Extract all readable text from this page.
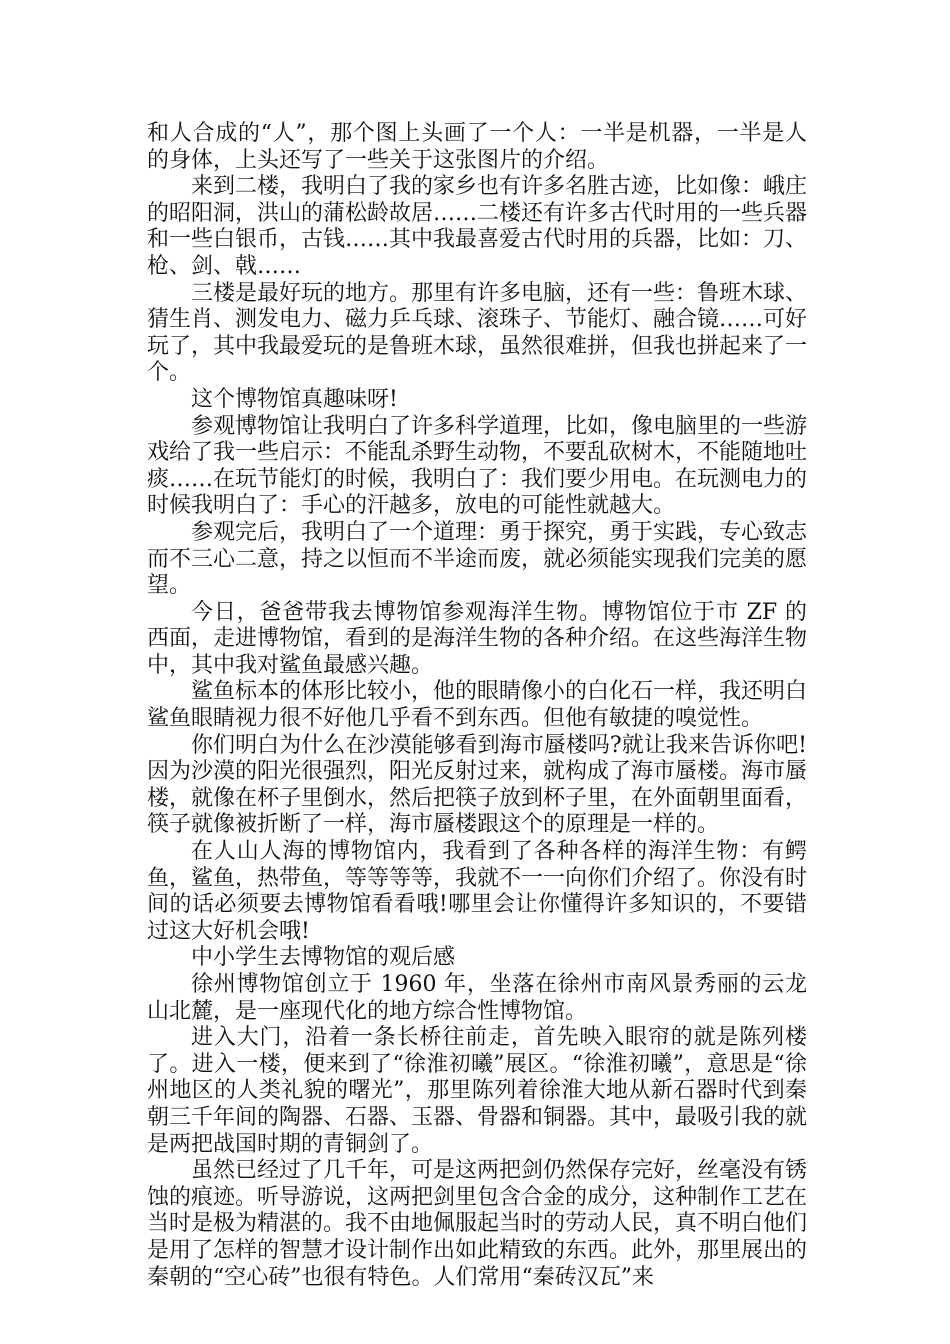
和人合成的“人”，那个图上头画了一个人：一半是机器，一半是人的身体，上头还写了一些关于这张图片的介绍。

来到二楼，我明白了我的家乡也有许多名胜古迹，比如像：峨庄的昭阳洞，洪山的蒲松龄故居……二楼还有许多古代时用的一些兵器和一些白银币，古钱……其中我最喜爱古代时用的兵器，比如：刀、枪、剑、戟……

三楼是最好玩的地方。那里有许多电脑，还有一些：鲁班木球、猜生肖、测发电力、磁力乒乓球、滚珠子、节能灯、融合镜……可好玩了，其中我最爱玩的是鲁班木球，虽然很难拼，但我也拼起来了一个。

这个博物馆真趣味呀!

参观博物馆让我明白了许多科学道理，比如，像电脑里的一些游戏给了我一些启示：不能乱杀野生动物，不要乱砍树木，不能随地吐痰……在玩节能灯的时候，我明白了：我们要少用电。在玩测电力的时候我明白了：手心的汗越多，放电的可能性就越大。

参观完后，我明白了一个道理：勇于探究，勇于实践，专心致志而不三心二意，持之以恒而不半途而废，就必须能实现我们完美的愿望。

今日，爸爸带我去博物馆参观海洋生物。博物馆位于市 ZF 的西面，走进博物馆，看到的是海洋生物的各种介绍。在这些海洋生物中，其中我对鲨鱼最感兴趣。

鲨鱼标本的体形比较小，他的眼睛像小的白化石一样，我还明白鲨鱼眼睛视力很不好他几乎看不到东西。但他有敏捷的嗅觉性。

你们明白为什么在沙漠能够看到海市蜃楼吗?就让我来告诉你吧!因为沙漠的阳光很强烈，阳光反射过来，就构成了海市蜃楼。海市蜃楼，就像在杯子里倒水，然后把筷子放到杯子里，在外面朝里面看，筷子就像被折断了一样，海市蜃楼跟这个的原理是一样的。

在人山人海的博物馆内，我看到了各种各样的海洋生物：有鳄鱼，鲨鱼，热带鱼，等等等等，我就不一一向你们介绍了。你没有时间的话必须要去博物馆看看哦!哪里会让你懂得许多知识的，不要错过这大好机会哦!

中小学生去博物馆的观后感

徐州博物馆创立于 1960 年，坐落在徐州市南风景秀丽的云龙山北麓，是一座现代化的地方综合性博物馆。

进入大门，沿着一条长桥往前走，首先映入眼帘的就是陈列楼了。进入一楼，便来到了“徐淮初曦”展区。“徐淮初曦”，意思是“徐州地区的人类礼貌的曙光”，那里陈列着徐淮大地从新石器时代到秦朝三千年间的陶器、石器、玉器、骨器和铜器。其中，最吸引我的就是两把战国时期的青铜剑了。

虽然已经过了几千年，可是这两把剑仍然保存完好，丝毫没有锈蚀的痕迹。听导游说，这两把剑里包含合金的成分，这种制作工艺在当时是极为精湛的。我不由地佩服起当时的劳动人民，真不明白他们是用了怎样的智慧才设计制作出如此精致的东西。此外，那里展出的秦朝的“空心砖”也很有特色。人们常用“秦砖汉瓦”来
